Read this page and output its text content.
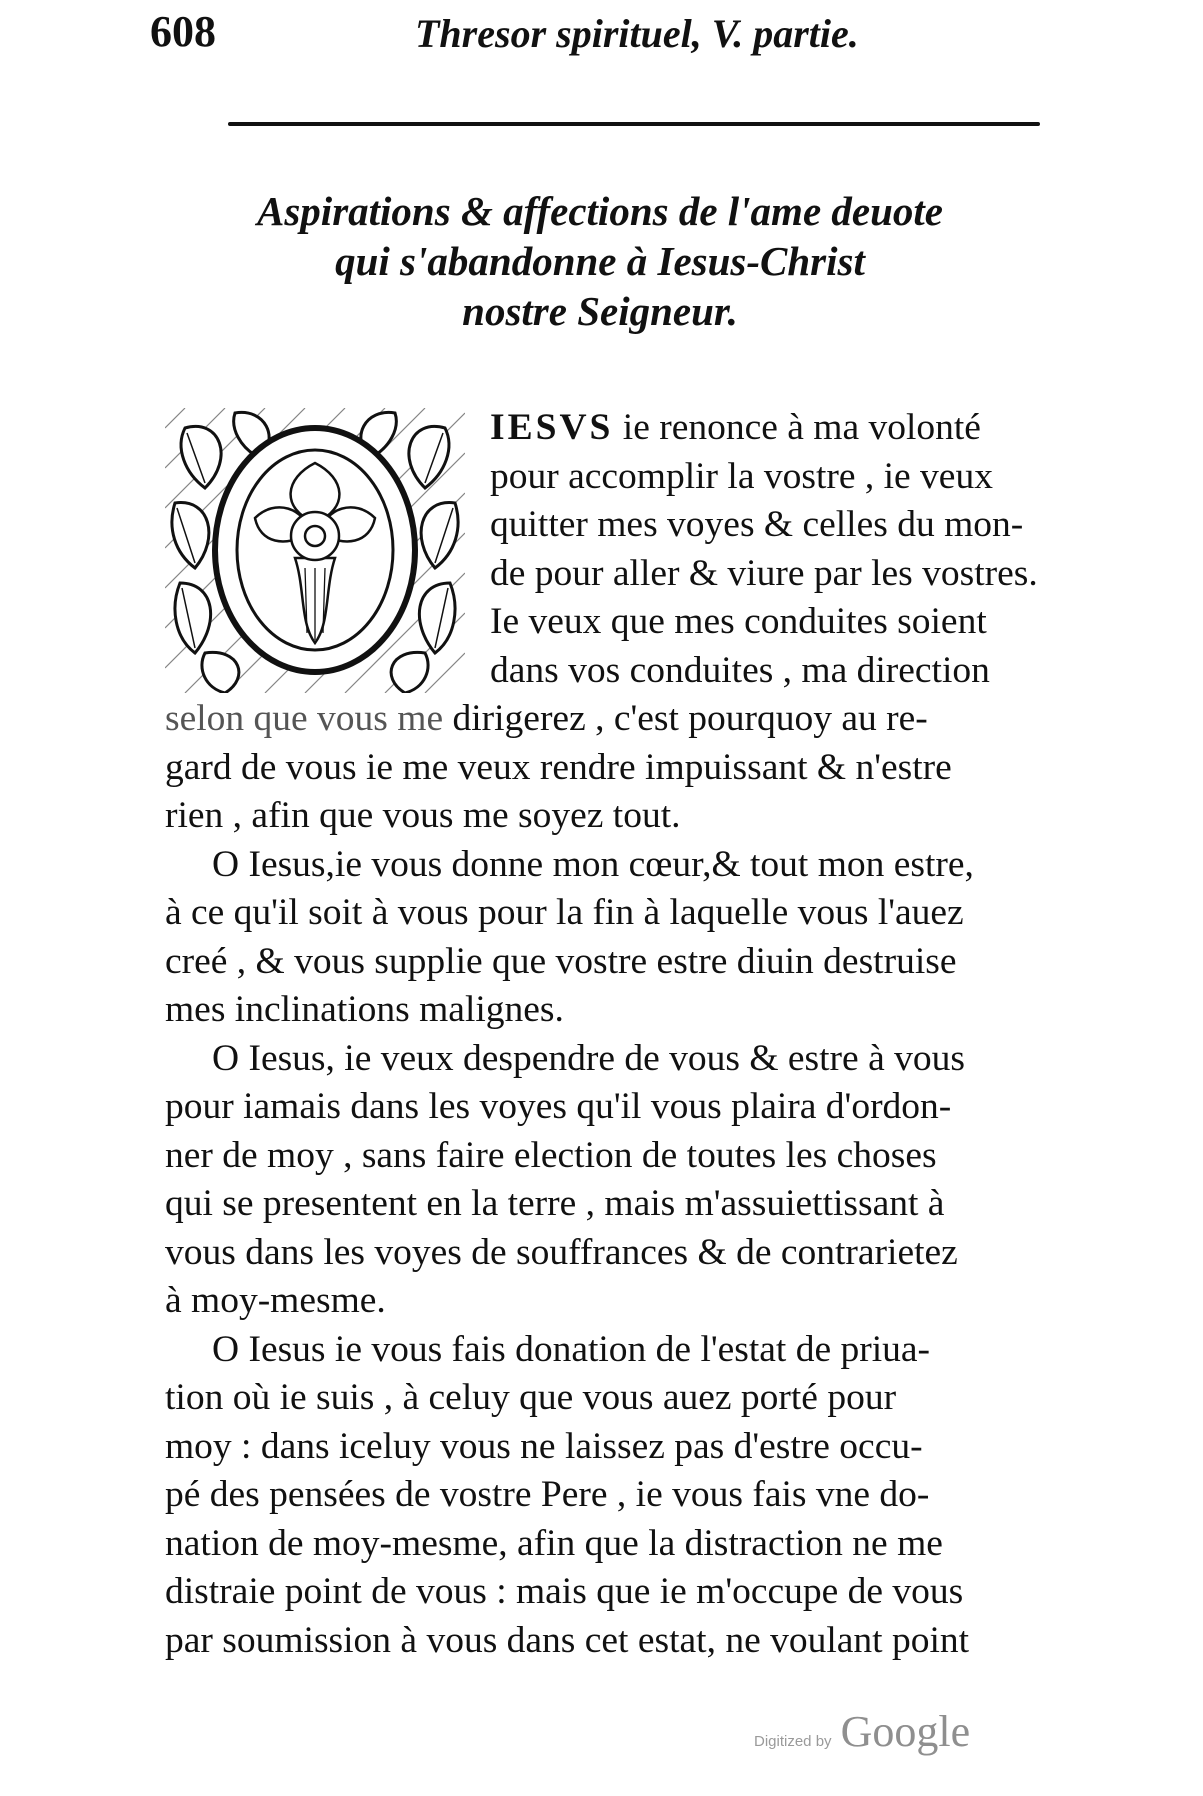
608	Thresor spirituel, V. partie.
Aspirations & affections de l'ame deuote
qui s'abandonne à Iesus-Christ
nostre Seigneur.
IESVS ie renonce à ma volonté
pour accomplir la vostre , ie veux
quitter mes voyes & celles du mon-
de pour aller & viure par les vostres.
Ie veux que mes conduites soient
dans vos conduites , ma direction
selon que vous me dirigerez , c'est pourquoy au re-
gard de vous ie me veux rendre impuissant & n'estre
rien , afin que vous me soyez tout.
O Iesus,ie vous donne mon cœur,& tout mon estre,
à ce qu'il soit à vous pour la fin à laquelle vous l'auez
creé , & vous supplie que vostre estre diuin destruise
mes inclinations malignes.
O Iesus, ie veux despendre de vous & estre à vous
pour iamais dans les voyes qu'il vous plaira d'ordon-
ner de moy , sans faire election de toutes les choses
qui se presentent en la terre , mais m'assuiettissant à
vous dans les voyes de souffrances & de contrarietez
à moy-mesme.
O Iesus ie vous fais donation de l'estat de priua-
tion où ie suis , à celuy que vous auez porté pour
moy : dans iceluy vous ne laissez pas d'estre occu-
pé des pensées de vostre Pere , ie vous fais vne do-
nation de moy-mesme, afin que la distraction ne me
distraie point de vous : mais que ie m'occupe de vous
par soumission à vous dans cet estat, ne voulant point
Digitized by Google
